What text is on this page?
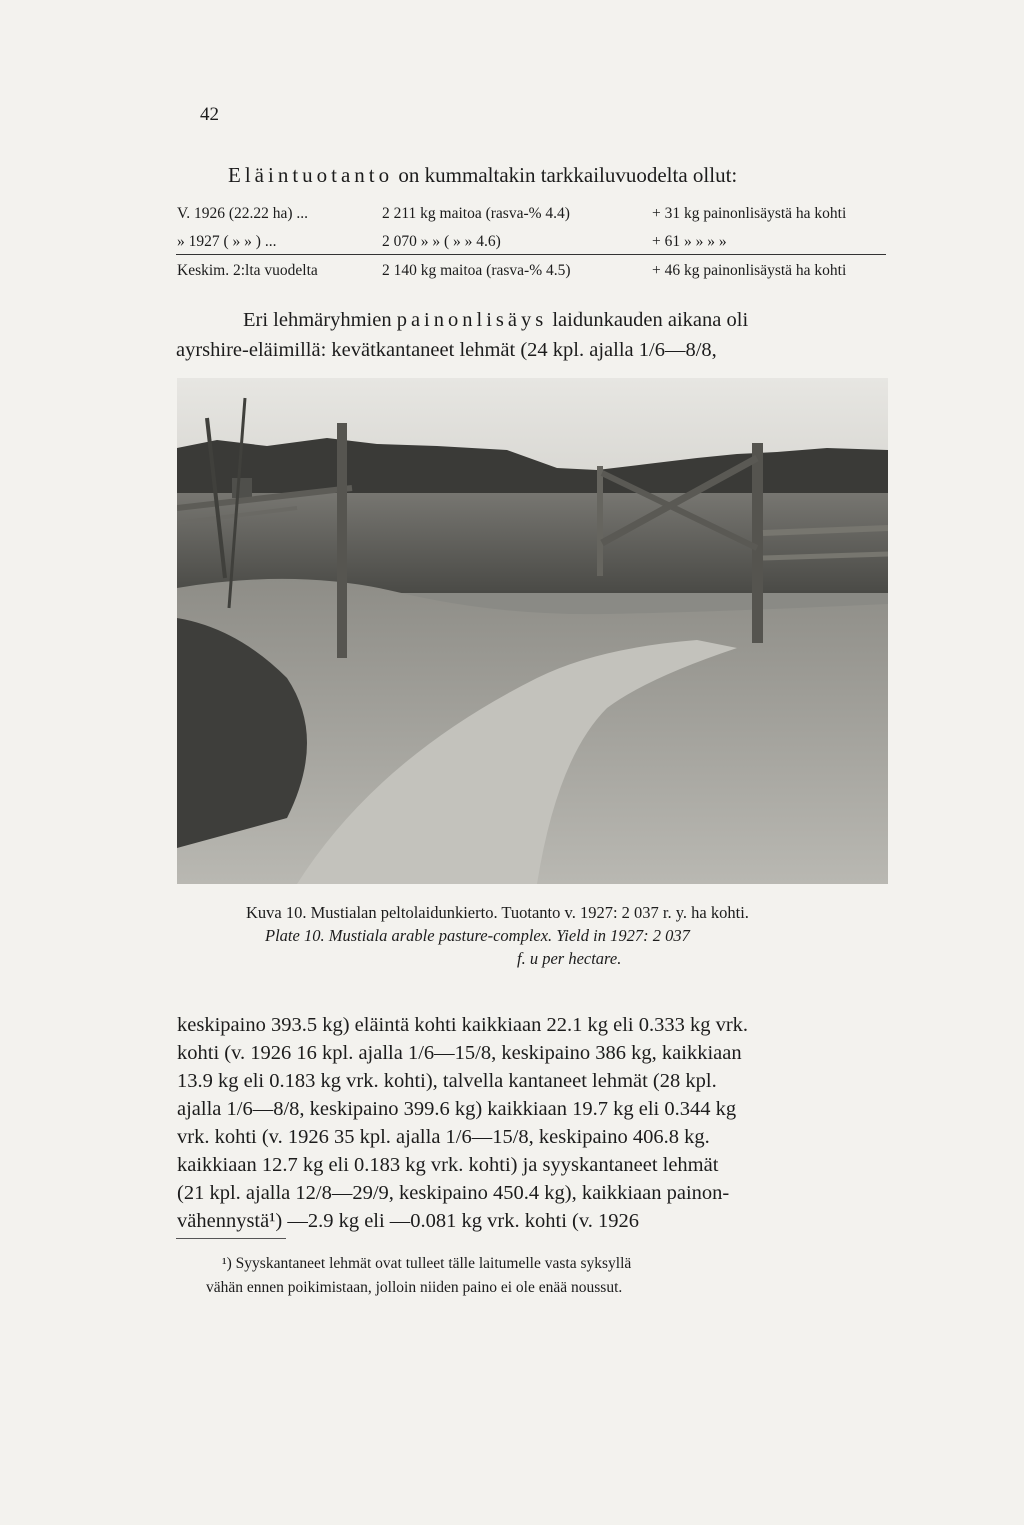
42
Eläintuotanto on kummaltakin tarkkailuvuodelta ollut:
V. 1926 (22.22 ha) ...	2 211 kg maitoa (rasva-% 4.4)	+ 31 kg painonlisäystä ha kohti
» 1927 ( » » ) ...	2 070 » » ( » » 4.6)	+ 61 » » » »
Keskim. 2:lta vuodelta	2 140 kg maitoa (rasva-% 4.5)	+ 46 kg painonlisäystä ha kohti
Eri lehmäryhmien painonlisäys laidunkauden aikana oli
ayrshire-eläimillä: kevätkantaneet lehmät (24 kpl. ajalla 1/6—8/8,
Kuva 10. Mustialan peltolaidunkierto. Tuotanto v. 1927: 2 037 r. y. ha kohti.
Plate 10. Mustiala arable pasture-complex. Yield in 1927: 2 037
f. u per hectare.
keskipaino 393.5 kg) eläintä kohti kaikkiaan 22.1 kg eli 0.333 kg vrk.
kohti (v. 1926 16 kpl. ajalla 1/6—15/8, keskipaino 386 kg, kaikkiaan
13.9 kg eli 0.183 kg vrk. kohti), talvella kantaneet lehmät (28 kpl.
ajalla 1/6—8/8, keskipaino 399.6 kg) kaikkiaan 19.7 kg eli 0.344 kg
vrk. kohti (v. 1926 35 kpl. ajalla 1/6—15/8, keskipaino 406.8 kg.
kaikkiaan 12.7 kg eli 0.183 kg vrk. kohti) ja syyskantaneet lehmät
(21 kpl. ajalla 12/8—29/9, keskipaino 450.4 kg), kaikkiaan painon-
vähennystä¹) —2.9 kg eli —0.081 kg vrk. kohti (v. 1926
¹) Syyskantaneet lehmät ovat tulleet tälle laitumelle vasta syksyllä
vähän ennen poikimistaan, jolloin niiden paino ei ole enää noussut.
